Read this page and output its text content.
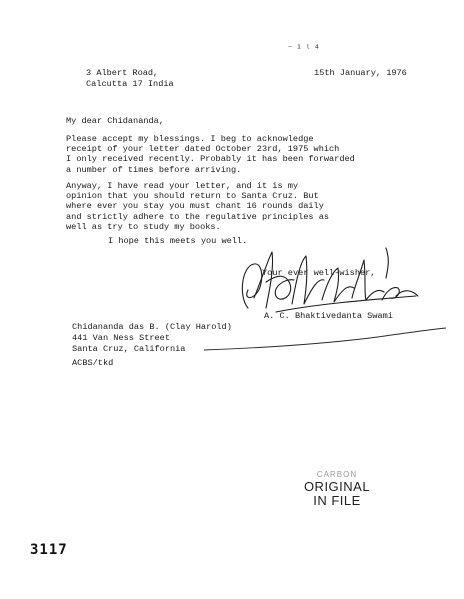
⁻¹ˡ⁴
3 Albert Road,
Calcutta 17 India
15th January, 1976
My dear Chidananda,
Please accept my blessings. I beg to acknowledge
receipt of your letter dated October 23rd, 1975 which
I only received recently. Probably it has been forwarded
a number of times before arriving.
Anyway, I have read your letter, and it is my
opinion that you should return to Santa Cruz. But
where ever you stay you must chant 16 rounds daily
and strictly adhere to the regulative principles as
well as try to study my books.
I hope this meets you well.
Your ever well-wisher,
A. C. Bhaktivedanta Swami
Chidananda das B. (Clay Harold)
441 Van Ness Street
Santa Cruz, California
ACBS/tkd
CARBON
ORIGINAL
IN FILE
3117
